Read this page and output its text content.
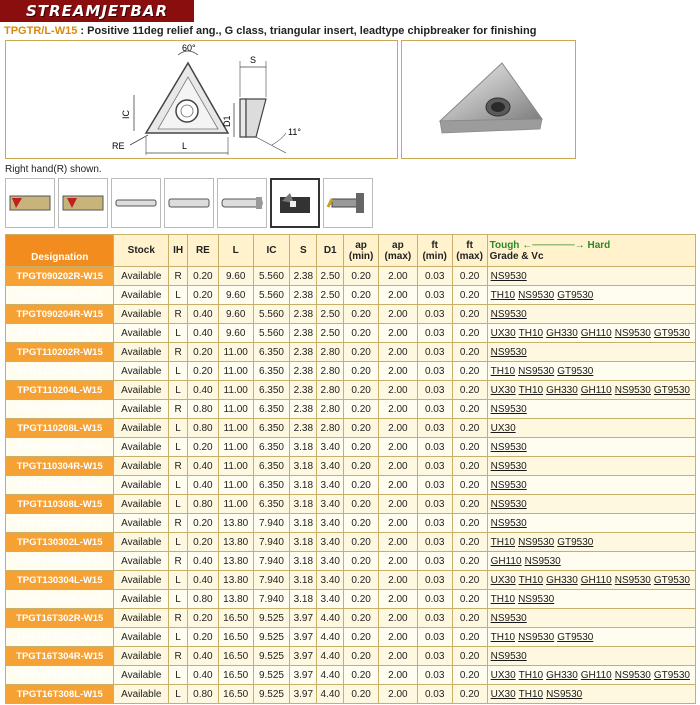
STREAMJETBAR
TPGTR/L-W15 : Positive 11deg relief ang., G class, triangular insert, leadtype chipbreaker for finishing
60°
IC
L
RE
S
D1
11°
Right hand(R) shown.
Designation	Stock	IH	RE	L	IC	S	D1	ap
(min)	ap
(max)	ft
(min)	ft
(max)	Tough ←──────→ Hard
Grade & Vc
TPGT090202R-W15	Available	R	0.20	9.60	5.560	2.38	2.50	0.20	2.00	0.03	0.20	NS9530
TPGT090202L-W15	Available	L	0.20	9.60	5.560	2.38	2.50	0.20	2.00	0.03	0.20	TH10 NS9530 GT9530
TPGT090204R-W15	Available	R	0.40	9.60	5.560	2.38	2.50	0.20	2.00	0.03	0.20	NS9530
TPGT090204L-W15	Available	L	0.40	9.60	5.560	2.38	2.50	0.20	2.00	0.03	0.20	UX30 TH10 GH330 GH110 NS9530 GT9530
TPGT110202R-W15	Available	R	0.20	11.00	6.350	2.38	2.80	0.20	2.00	0.03	0.20	NS9530
TPGT110202L-W15	Available	L	0.20	11.00	6.350	2.38	2.80	0.20	2.00	0.03	0.20	TH10 NS9530 GT9530
TPGT110204L-W15	Available	L	0.40	11.00	6.350	2.38	2.80	0.20	2.00	0.03	0.20	UX30 TH10 GH330 GH110 NS9530 GT9530
TPGT110208R-W15	Available	R	0.80	11.00	6.350	2.38	2.80	0.20	2.00	0.03	0.20	NS9530
TPGT110208L-W15	Available	L	0.80	11.00	6.350	2.38	2.80	0.20	2.00	0.03	0.20	UX30
TPGT110302L-W15	Available	L	0.20	11.00	6.350	3.18	3.40	0.20	2.00	0.03	0.20	NS9530
TPGT110304R-W15	Available	R	0.40	11.00	6.350	3.18	3.40	0.20	2.00	0.03	0.20	NS9530
TPGT110304L-W15	Available	L	0.40	11.00	6.350	3.18	3.40	0.20	2.00	0.03	0.20	NS9530
TPGT110308L-W15	Available	L	0.80	11.00	6.350	3.18	3.40	0.20	2.00	0.03	0.20	NS9530
TPGT130302R-W15	Available	R	0.20	13.80	7.940	3.18	3.40	0.20	2.00	0.03	0.20	NS9530
TPGT130302L-W15	Available	L	0.20	13.80	7.940	3.18	3.40	0.20	2.00	0.03	0.20	TH10 NS9530 GT9530
TPGT130304R-W15	Available	R	0.40	13.80	7.940	3.18	3.40	0.20	2.00	0.03	0.20	GH110 NS9530
TPGT130304L-W15	Available	L	0.40	13.80	7.940	3.18	3.40	0.20	2.00	0.03	0.20	UX30 TH10 GH330 GH110 NS9530 GT9530
TPGT130308L-W15	Available	L	0.80	13.80	7.940	3.18	3.40	0.20	2.00	0.03	0.20	TH10 NS9530
TPGT16T302R-W15	Available	R	0.20	16.50	9.525	3.97	4.40	0.20	2.00	0.03	0.20	NS9530
TPGT16T302L-W15	Available	L	0.20	16.50	9.525	3.97	4.40	0.20	2.00	0.03	0.20	TH10 NS9530 GT9530
TPGT16T304R-W15	Available	R	0.40	16.50	9.525	3.97	4.40	0.20	2.00	0.03	0.20	NS9530
TPGT16T304L-W15	Available	L	0.40	16.50	9.525	3.97	4.40	0.20	2.00	0.03	0.20	UX30 TH10 GH330 GH110 NS9530 GT9530
TPGT16T308L-W15	Available	L	0.80	16.50	9.525	3.97	4.40	0.20	2.00	0.03	0.20	UX30 TH10 NS9530
